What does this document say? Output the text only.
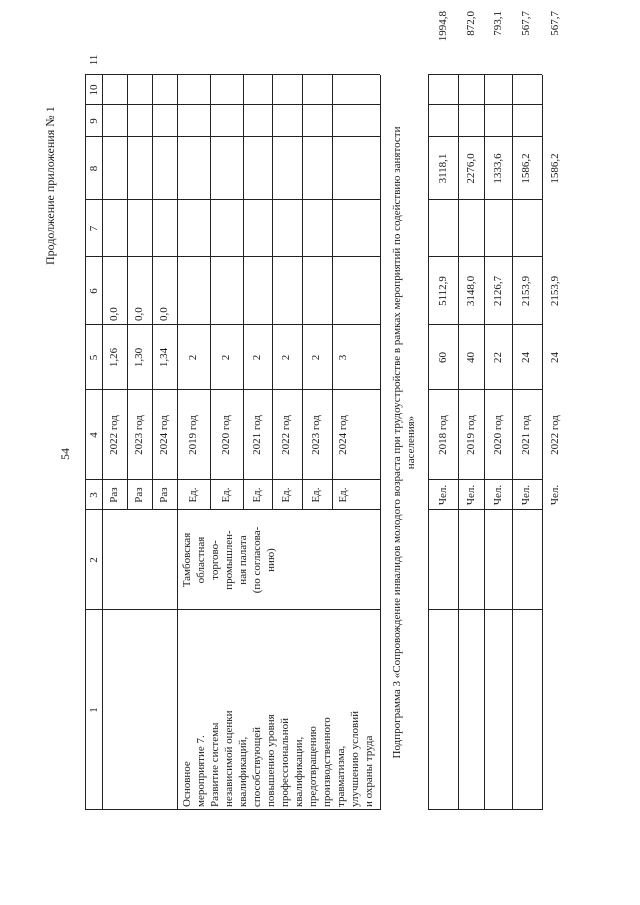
54
Продолжение приложения № 1
1
2
3
4
5
6
7
8
9
10
11
Раз
2022 год
1,26
0,0
Раз
2023 год
1,30
0,0
Раз
2024 год
1,34
0,0
Основное мероприятие 7. Развитие системы независимой оценки квалификаций, способствующей повышению уровня профессиональной квалификации, предотвращению производственного травматизма, улучшению условий и охраны труда
Тамбовская областная торгово- промышлен- ная палата (по согласова- нию)
Ед.
2019 год
2
Ед.
2020 год
2
Ед.
2021 год
2
Ед.
2022 год
2
Ед.
2023 год
2
Ед.
2024 год
3	Подпрограмма 3 «Сопровождение инвалидов молодого возраста при трудоустройстве в рамках мероприятий по содействию занятости населения»
Чел.
2018 год
60
5112,9
3118,1
1994,8
Чел.
2019 год
40
3148,0
2276,0
872,0
Чел.
2020 год
22
2126,7
1333,6
793,1
Чел.
2021 год
24
2153,9
1586,2
567,7
Чел.
2022 год
24
2153,9
1586,2
567,7
